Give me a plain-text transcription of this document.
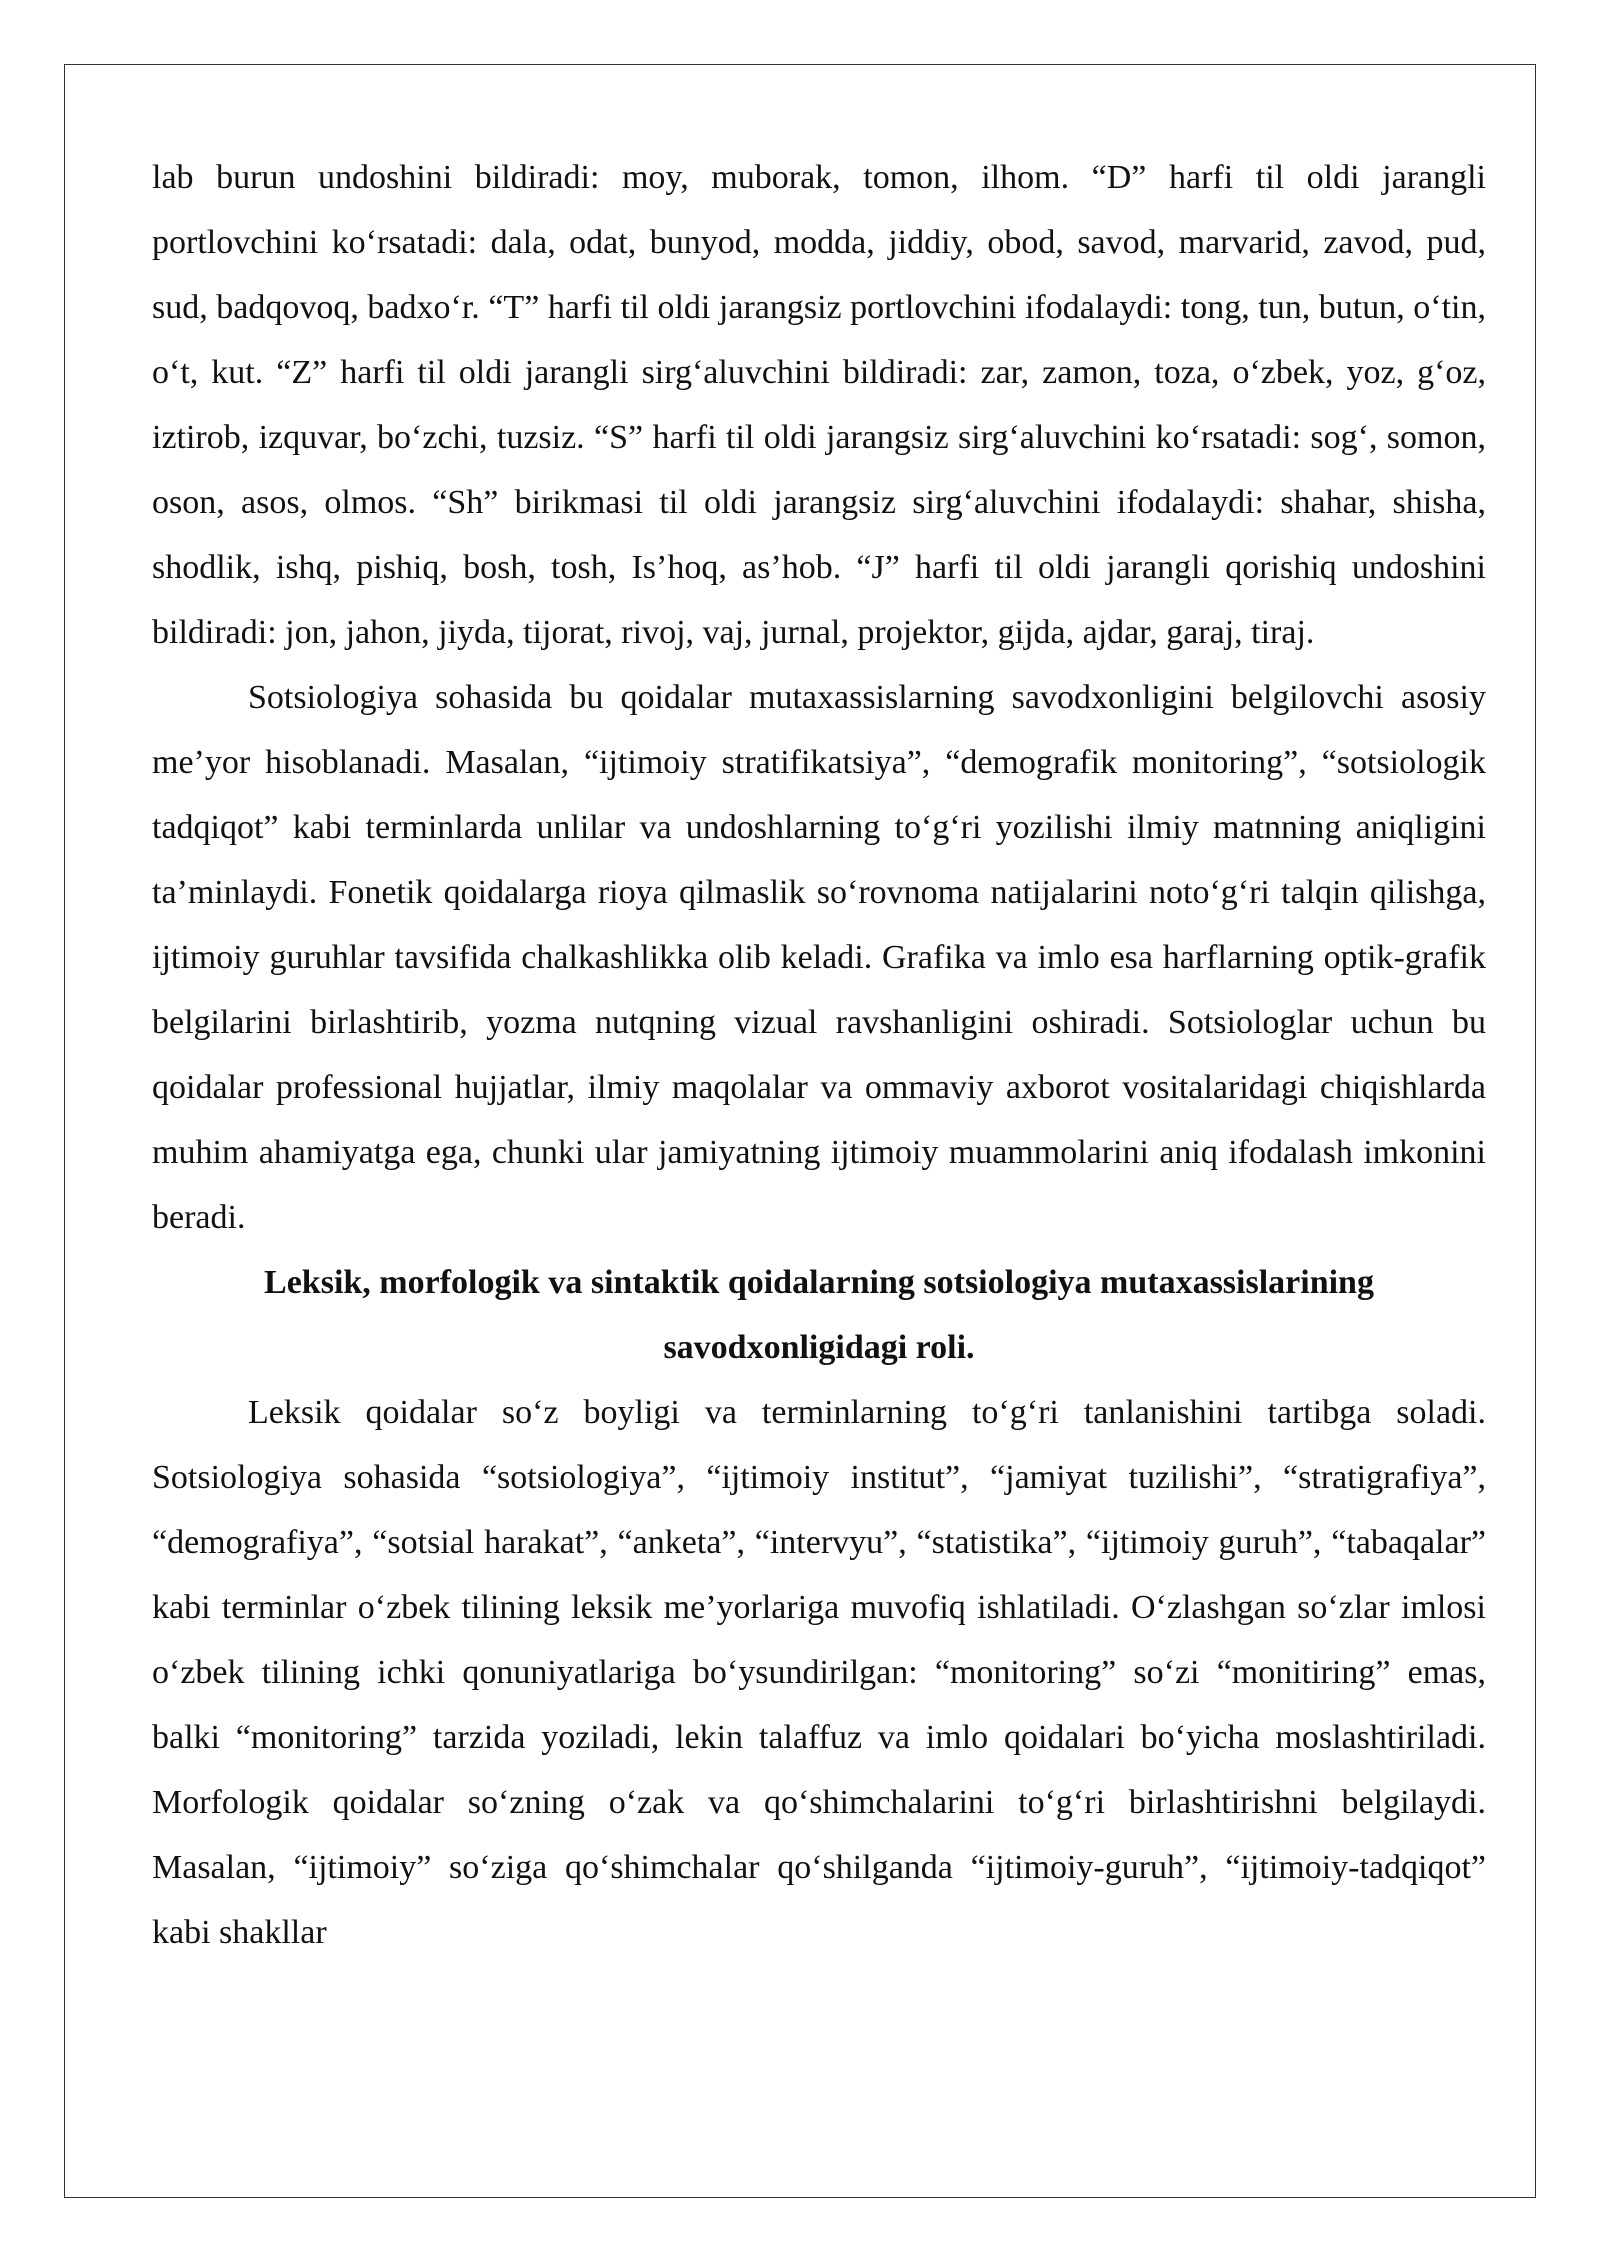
lab burun undoshini bildiradi: moy, muborak, tomon, ilhom. “D” harfi til oldi jarangli portlovchini ko‘rsatadi: dala, odat, bunyod, modda, jiddiy, obod, savod, marvarid, zavod, pud, sud, badqovoq, badxo‘r. “T” harfi til oldi jarangsiz portlovchini ifodalaydi: tong, tun, butun, o‘tin, o‘t, kut. “Z” harfi til oldi jarangli sirg‘aluvchini bildiradi: zar, zamon, toza, o‘zbek, yoz, g‘oz, iztirob, izquvar, bo‘zchi, tuzsiz. “S” harfi til oldi jarangsiz sirg‘aluvchini ko‘rsatadi: sog‘, somon, oson, asos, olmos. “Sh” birikmasi til oldi jarangsiz sirg‘aluvchini ifodalaydi: shahar, shisha, shodlik, ishq, pishiq, bosh, tosh, Is’hoq, as’hob. “J” harfi til oldi jarangli qorishiq undoshini bildiradi: jon, jahon, jiyda, tijorat, rivoj, vaj, jurnal, projektor, gijda, ajdar, garaj, tiraj.

Sotsiologiya sohasida bu qoidalar mutaxassislarning savodxonligini belgilovchi asosiy me’yor hisoblanadi. Masalan, “ijtimoiy stratifikatsiya”, “demografik monitoring”, “sotsiologik tadqiqot” kabi terminlarda unlilar va undoshlarning to‘g‘ri yozilishi ilmiy matnning aniqligini ta’minlaydi. Fonetik qoidalarga rioya qilmaslik so‘rovnoma natijalarini noto‘g‘ri talqin qilishga, ijtimoiy guruhlar tavsifida chalkashlikka olib keladi. Grafika va imlo esa harflarning optik-grafik belgilarini birlashtirib, yozma nutqning vizual ravshanligini oshiradi. Sotsiologlar uchun bu qoidalar professional hujjatlar, ilmiy maqolalar va ommaviy axborot vositalaridagi chiqishlarda muhim ahamiyatga ega, chunki ular jamiyatning ijtimoiy muammolarini aniq ifodalash imkonini beradi.

Leksik, morfologik va sintaktik qoidalarning sotsiologiya mutaxassislarining savodxonligidagi roli.

Leksik qoidalar so‘z boyligi va terminlarning to‘g‘ri tanlanishini tartibga soladi. Sotsiologiya sohasida “sotsiologiya”, “ijtimoiy institut”, “jamiyat tuzilishi”, “stratigrafiya”, “demografiya”, “sotsial harakat”, “anketa”, “intervyu”, “statistika”, “ijtimoiy guruh”, “tabaqalar” kabi terminlar o‘zbek tilining leksik me’yorlariga muvofiq ishlatiladi. O‘zlashgan so‘zlar imlosi o‘zbek tilining ichki qonuniyatlariga bo‘ysundirilgan: “monitoring” so‘zi “monitiring” emas, balki “monitoring” tarzida yoziladi, lekin talaffuz va imlo qoidalari bo‘yicha moslashtiriladi. Morfologik qoidalar so‘zning o‘zak va qo‘shimchalarini to‘g‘ri birlashtirishni belgilaydi. Masalan, “ijtimoiy” so‘ziga qo‘shimchalar qo‘shilganda “ijtimoiy-guruh”, “ijtimoiy-tadqiqot” kabi shakllar
